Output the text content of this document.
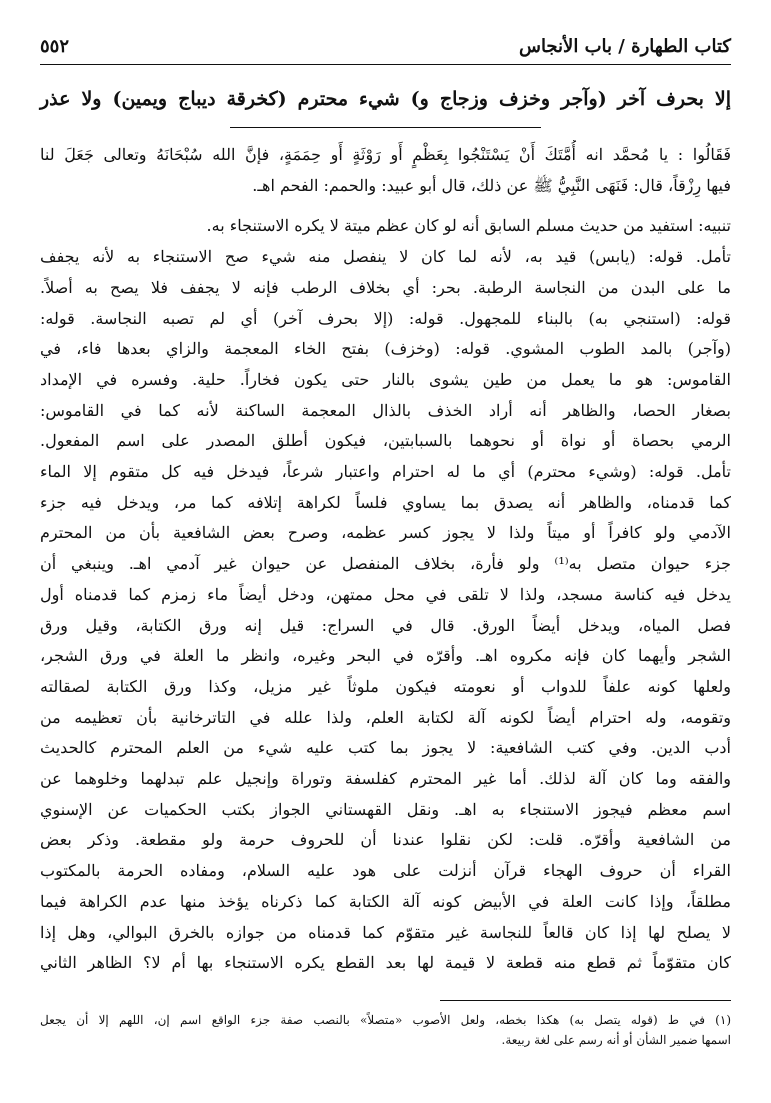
كتاب الطهارة / باب الأنجاس
٥٥٢
إلا بحرف آخر (وآجر وخزف وزجاج و) شيء محترم (كخرقة ديباج ويمين) ولا عذر

فَقَالُوا : يا مُحمَّد انه أُمَّتَكَ أَنْ يَسْتَنْجُوا بِعَظْمٍ أَو رَوْثَةٍ أَو حِمَمَةٍ، فإنَّ الله سُبْحَانَهُ وتعالى جَعَلَ لنا

فيها رِزْقاً، قال: فَنَهَى النَّبِيُّ ﷺ عن ذلك، قال أبو عبيد: والحمم: الفحم اهـ.

تنبيه: استفيد من حديث مسلم السابق أنه لو كان عظم ميتة لا يكره الاستنجاء به.

تأمل. قوله: (يابس) قيد به، لأنه لما كان لا ينفصل منه شيء صح الاستنجاء به لأنه يجفف

ما على البدن من النجاسة الرطبة. بحر: أي بخلاف الرطب فإنه لا يجفف فلا يصح به أصلاً.

قوله: (استنجي به) بالبناء للمجهول. قوله: (إلا بحرف آخر) أي لم تصبه النجاسة. قوله:

(وآجر) بالمد الطوب المشوي. قوله: (وخزف) بفتح الخاء المعجمة والزاي بعدها فاء، في

القاموس: هو ما يعمل من طين يشوى بالنار حتى يكون فخاراً. حلية. وفسره في الإمداد

بصغار الحصا، والظاهر أنه أراد الخذف بالذال المعجمة الساكنة لأنه كما في القاموس:

الرمي بحصاة أو نواة أو نحوهما بالسبابتين، فيكون أطلق المصدر على اسم المفعول.

تأمل. قوله: (وشيء محترم) أي ما له احترام واعتبار شرعاً، فيدخل فيه كل متقوم إلا الماء

كما قدمناه، والظاهر أنه يصدق بما يساوي فلساً لكراهة إتلافه كما مر، ويدخل فيه جزء

الآدمي ولو كافراً أو ميتاً ولذا لا يجوز كسر عظمه، وصرح بعض الشافعية بأن من المحترم

جزء حيوان متصل به⁽¹⁾ ولو فأرة، بخلاف المنفصل عن حيوان غير آدمي اهـ. وينبغي أن

يدخل فيه كناسة مسجد، ولذا لا تلقى في محل ممتهن، ودخل أيضاً ماء زمزم كما قدمناه أول

فصل المياه، ويدخل أيضاً الورق. قال في السراج: قيل إنه ورق الكتابة، وقيل ورق

الشجر وأيهما كان فإنه مكروه اهـ. وأقرّه في البحر وغيره، وانظر ما العلة في ورق الشجر،

ولعلها كونه علفاً للدواب أو نعومته فيكون ملوثاً غير مزيل، وكذا ورق الكتابة لصقالته

وتقومه، وله احترام أيضاً لكونه آلة لكتابة العلم، ولذا علله في التاترخانية بأن تعظيمه من

أدب الدين. وفي كتب الشافعية: لا يجوز بما كتب عليه شيء من العلم المحترم كالحديث

والفقه وما كان آلة لذلك. أما غير المحترم كفلسفة وتوراة وإنجيل علم تبدلهما وخلوهما عن

اسم معظم فيجوز الاستنجاء به اهـ. ونقل القهستاني الجواز بكتب الحكميات عن الإسنوي

من الشافعية وأقرّه. قلت: لكن نقلوا عندنا أن للحروف حرمة ولو مقطعة. وذكر بعض

القراء أن حروف الهجاء قرآن أنزلت على هود عليه السلام، ومفاده الحرمة بالمكتوب

مطلقاً، وإذا كانت العلة في الأبيض كونه آلة الكتابة كما ذكرناه يؤخذ منها عدم الكراهة فيما

لا يصلح لها إذا كان قالعاً للنجاسة غير متقوّم كما قدمناه من جوازه بالخرق البوالي، وهل إذا

كان متقوّماً ثم قطع منه قطعة لا قيمة لها بعد القطع يكره الاستنجاء بها أم لا؟ الظاهر الثاني

(١) في ط (قوله يتصل به) هكذا بخطه، ولعل الأصوب «متصلاً» بالنصب صفة جزء الواقع اسم إن، اللهم إلا أن يجعل

اسمها ضمير الشأن أو أنه رسم على لغة ربيعة.
